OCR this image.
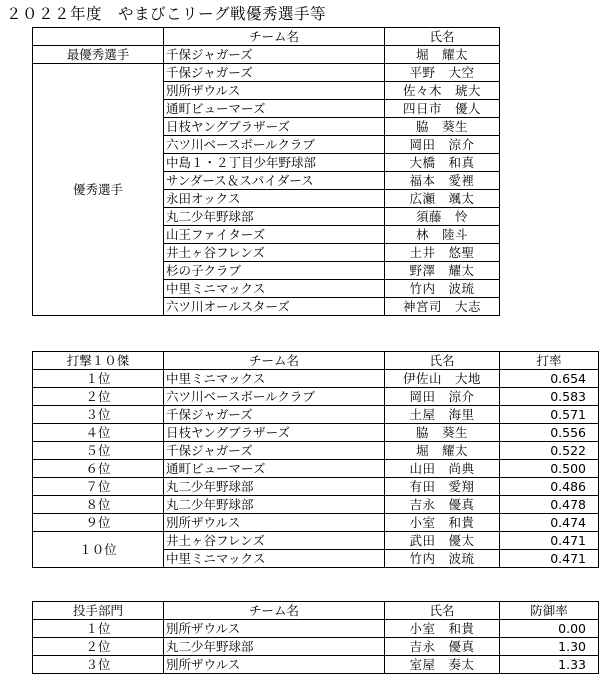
２０２２年度　やまびこリーグ戦優秀選手等
	チーム名	氏名
最優秀選手	千保ジャガーズ	堀　耀太
優秀選手	千保ジャガーズ	平野　大空
	別所ザウルス	佐々木　琥大
	通町ビューマーズ	四日市　優人
	日枝ヤングブラザーズ	脇　葵生
	六ツ川ベースボールクラブ	岡田　涼介
	中島１・２丁目少年野球部	大橋　和真
	サンダース＆スパイダース	福本　愛裡
	永田オックス	広瀬　颯太
	丸二少年野球部	須藤　怜
	山王ファイターズ	林　陸斗
	井土ヶ谷フレンズ	土井　悠聖
	杉の子クラブ	野澤　耀太
	中里ミニマックス	竹内　波琉
	六ツ川オールスターズ	神宮司　大志
打撃１０傑	チーム名	氏名	打率
１位	中里ミニマックス	伊佐山　大地	0.654
２位	六ツ川ベースボールクラブ	岡田　涼介	0.583
３位	千保ジャガーズ	土屋　海里	0.571
４位	日枝ヤングブラザーズ	脇　葵生	0.556
５位	千保ジャガーズ	堀　耀太	0.522
６位	通町ビューマーズ	山田　尚典	0.500
７位	丸二少年野球部	有田　愛翔	0.486
８位	丸二少年野球部	吉永　優真	0.478
９位	別所ザウルス	小室　和貴	0.474
１０位	井土ヶ谷フレンズ	武田　優太	0.471
	中里ミニマックス	竹内　波琉	0.471
投手部門	チーム名	氏名	防御率
１位	別所ザウルス	小室　和貴	0.00
２位	丸二少年野球部	吉永　優真	1.30
３位	別所ザウルス	室屋　奏太	1.33
